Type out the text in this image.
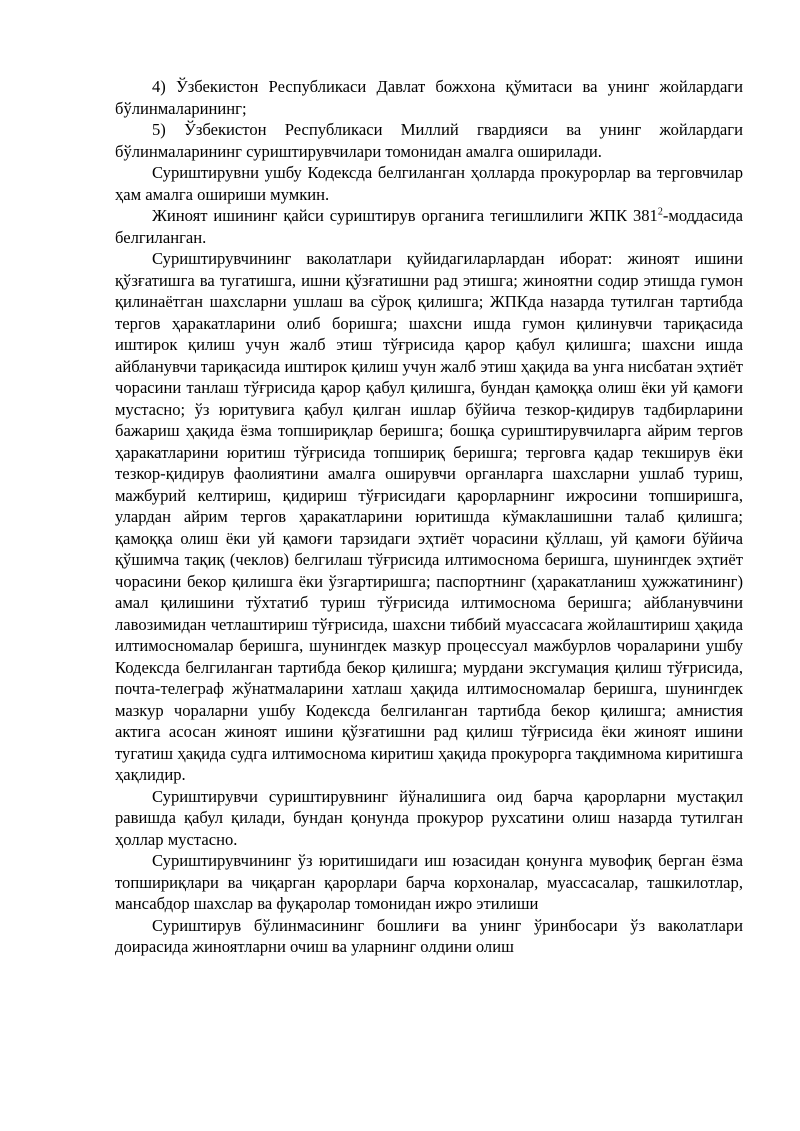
4) Ўзбекистон Республикаси Давлат божхона қўмитаси ва унинг жойлардаги бўлинмаларининг;

5) Ўзбекистон Республикаси Миллий гвардияси ва унинг жойлардаги бўлинмаларининг суриштирувчилари томонидан амалга оширилади.

Суриштирувни ушбу Кодексда белгиланган ҳолларда прокурорлар ва терговчилар ҳам амалга ошириши мумкин.

Жиноят ишининг қайси суриштирув органига тегишлилиги ЖПК $381^2$-моддасида белгиланган.

Суриштирувчининг ваколатлари қуйидагиларлардан иборат: жиноят ишини қўзғатишга ва тугатишга, ишни қўзғатишни рад этишга; жиноятни содир этишда гумон қилинаётган шахсларни ушлаш ва сўроқ қилишга; ЖПКда назарда тутилган тартибда тергов ҳаракатларини олиб боришга; шахсни ишда гумон қилинувчи тариқасида иштирок қилиш учун жалб этиш тўғрисида қарор қабул қилишга; шахсни ишда айбланувчи тариқасида иштирок қилиш учун жалб этиш ҳақида ва унга нисбатан эҳтиёт чорасини танлаш тўғрисида қарор қабул қилишга, бундан қамоққа олиш ёки уй қамоғи мустасно; ўз юритувига қабул қилган ишлар бўйича тезкор-қидирув тадбирларини бажариш ҳақида ёзма топшириқлар беришга; бошқа суриштирувчиларга айрим тергов ҳаракатларини юритиш тўғрисида топшириқ беришга; терговга қадар текширув ёки тезкор-қидирув фаолиятини амалга оширувчи органларга шахсларни ушлаб туриш, мажбурий келтириш, қидириш тўғрисидаги қарорларнинг ижросини топширишга, улардан айрим тергов ҳаракатларини юритишда кўмаклашишни талаб қилишга; қамоққа олиш ёки уй қамоғи тарзидаги эҳтиёт чорасини қўллаш, уй қамоғи бўйича қўшимча тақиқ (чеклов) белгилаш тўғрисида илтимоснома беришга, шунингдек эҳтиёт чорасини бекор қилишга ёки ўзгартиришга; паспортнинг (ҳаракатланиш ҳужжатининг) амал қилишини тўхтатиб туриш тўғрисида илтимоснома беришга; айбланувчини лавозимидан четлаштириш тўғрисида, шахсни тиббий муассасага жойлаштириш ҳақида илтимосномалар беришга, шунингдек мазкур процессуал мажбурлов чораларини ушбу Кодексда белгиланган тартибда бекор қилишга; мурдани эксгумация қилиш тўғрисида, почта-телеграф жўнатмаларини хатлаш ҳақида илтимосномалар беришга, шунингдек мазкур чораларни ушбу Кодексда белгиланган тартибда бекор қилишга; амнистия актига асосан жиноят ишини қўзғатишни рад қилиш тўғрисида ёки жиноят ишини тугатиш ҳақида судга илтимоснома киритиш ҳақида прокурорга тақдимнома киритишга ҳақлидир.

Суриштирувчи суриштирувнинг йўналишига оид барча қарорларни мустақил равишда қабул қилади, бундан қонунда прокурор рухсатини олиш назарда тутилган ҳоллар мустасно.

Суриштирувчининг ўз юритишидаги иш юзасидан қонунга мувофиқ берган ёзма топшириқлари ва чиқарган қарорлари барча корхоналар, муассасалар, ташкилотлар, мансабдор шахслар ва фуқаролар томонидан ижро этилиши

Суриштирув бўлинмасининг бошлиғи ва унинг ўринбосари ўз ваколатлари доирасида жиноятларни очиш ва уларнинг олдини олиш
